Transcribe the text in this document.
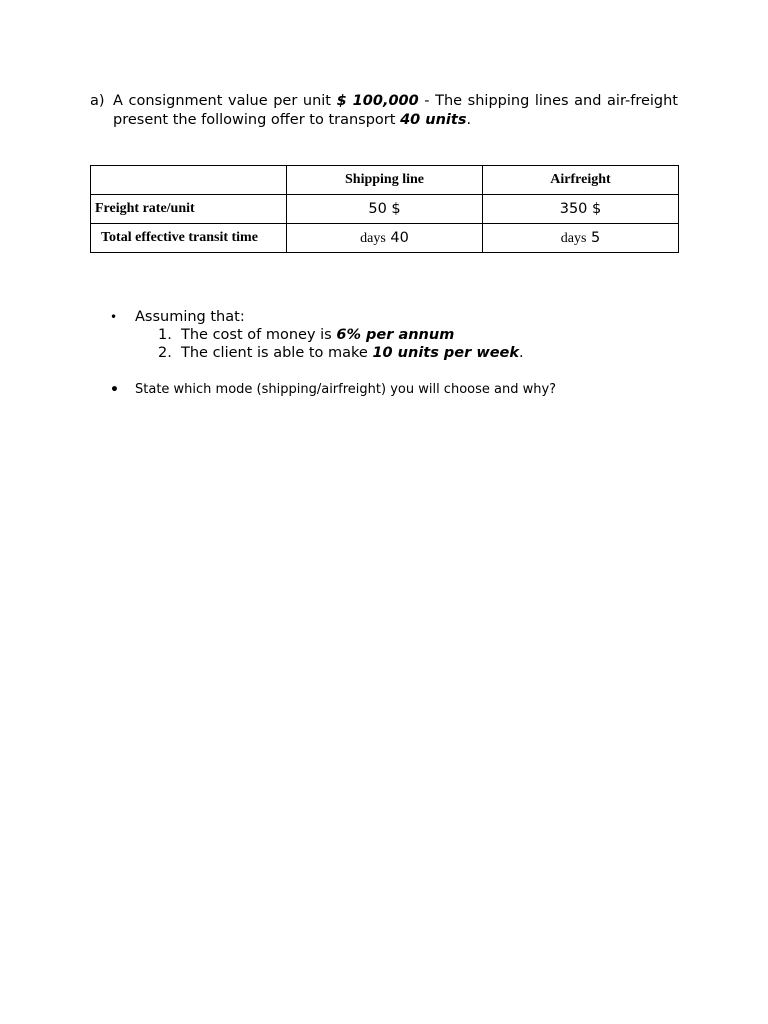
a) A consignment value per unit $ 100,000 - The shipping lines and air-freight present the following offer to transport 40 units.
	Shipping line	Airfreight
Freight rate/unit	50 $	350 $
Total effective transit time	days 40	days 5
• Assuming that:
1. The cost of money is 6% per annum
2. The client is able to make 10 units per week.
• State which mode (shipping/airfreight) you will choose and why?
